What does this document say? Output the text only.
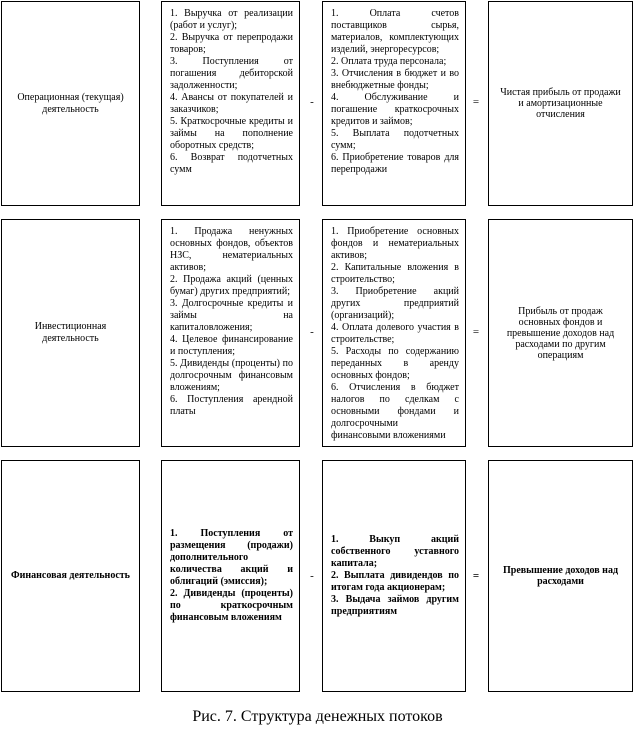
Операционная (текущая) деятельность
1. Выручка от реализации (работ и услуг);
2. Выручка от перепродажи товаров;
3. Поступления от погашения дебиторской задолженности;
4. Авансы от покупателей и заказчиков;
5. Краткосрочные кредиты и займы на пополнение оборотных средств;
6. Возврат подотчетных сумм
-
1. Оплата счетов поставщиков сырья, материалов, комплектующих изделий, энергоресурсов;
2. Оплата труда персонала;
3. Отчисления в бюджет и во внебюджетные фонды;
4. Обслуживание и погашение краткосрочных кредитов и займов;
5. Выплата подотчетных сумм;
6. Приобретение товаров для перепродажи
=
Чистая прибыль от продажи и амортизационные отчисления
Инвестиционная деятельность
1. Продажа ненужных основных фондов, объектов НЗС, нематериальных активов;
2. Продажа акций (ценных бумаг) других предприятий;
3. Долгосрочные кредиты и займы на капиталовложения;
4. Целевое финансирование и поступления;
5. Дивиденды (проценты) по долгосрочным финансовым вложениям;
6. Поступления арендной платы
-
1. Приобретение основных фондов и нематериальных активов;
2. Капитальные вложения в строительство;
3. Приобретение акций других предприятий (организаций);
4. Оплата долевого участия в строительстве;
5. Расходы по содержанию переданных в аренду основных фондов;
6. Отчисления в бюджет налогов по сделкам с основными фондами и долгосрочными финансовыми вложениями
=
Прибыль от продаж основных фондов и превышение доходов над расходами по другим операциям
Финансовая деятельность
1. Поступления от размещения (продажи) дополнительного количества акций и облигаций (эмиссия);
2. Дивиденды (проценты) по краткосрочным финансовым вложениям
-
1. Выкуп акций собственного уставного капитала;
2. Выплата дивидендов по итогам года акционерам;
3. Выдача займов другим предприятиям
=	Превышение доходов над расходами
Рис. 7. Структура денежных потоков
